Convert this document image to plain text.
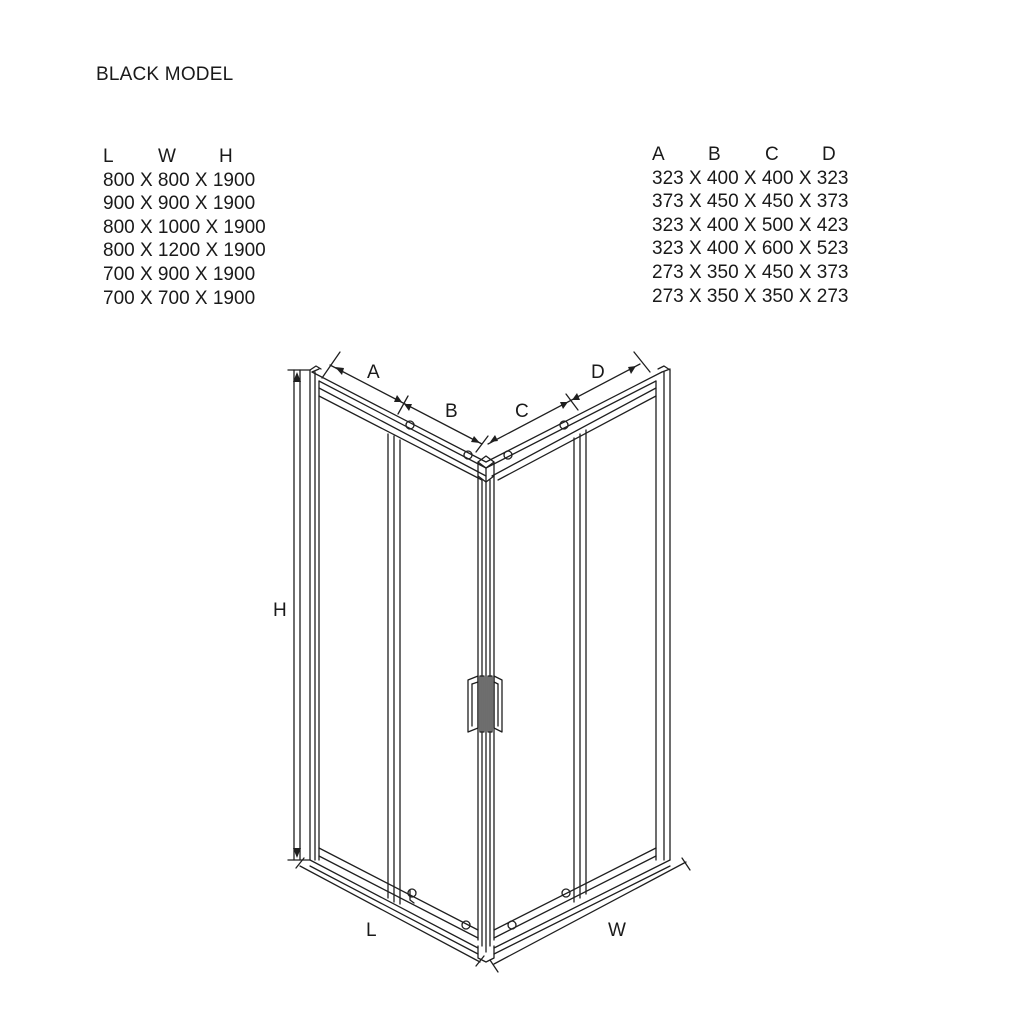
BLACK MODEL
L W H
800 X 800 X 1900
900 X 900 X 1900
800 X 1000 X 1900
800 X 1200 X 1900
700 X 900 X 1900
700 X 700 X 1900
A B C D
323 X 400 X 400 X 323
373 X 450 X 450 X 373
323 X 400 X 500 X 423
323 X 400 X 600 X 523
273 X 350 X 450 X 373
273 X 350 X 350 X 273
A
B	C
D
H
L	W
